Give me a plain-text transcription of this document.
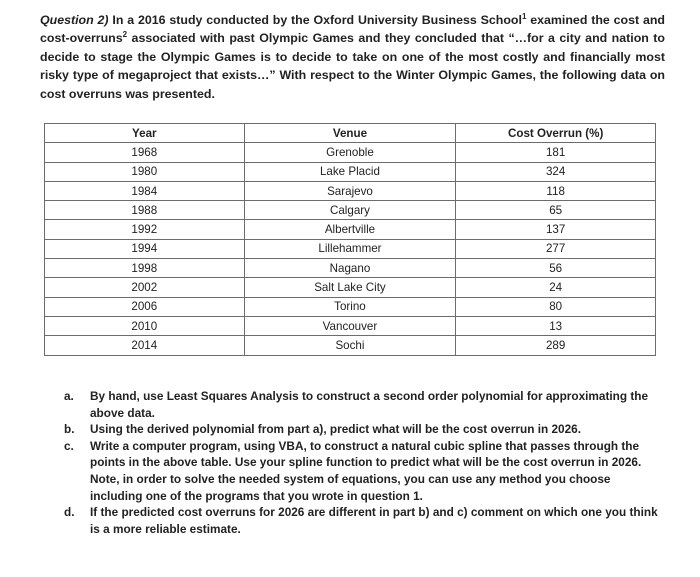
Question 2) In a 2016 study conducted by the Oxford University Business School$^1$ examined the cost and cost-overruns$^2$ associated with past Olympic Games and they concluded that “…for a city and nation to decide to stage the Olympic Games is to decide to take on one of the most costly and financially most risky type of megaproject that exists…” With respect to the Winter Olympic Games, the following data on cost overruns was presented.
Year	Venue	Cost Overrun (%)
1968	Grenoble	181
1980	Lake Placid	324
1984	Sarajevo	118
1988	Calgary	65
1992	Albertville	137
1994	Lillehammer	277
1998	Nagano	56
2002	Salt Lake City	24
2006	Torino	80
2010	Vancouver	13
2014	Sochi	289
a. By hand, use Least Squares Analysis to construct a second order polynomial for approximating the above data.
b. Using the derived polynomial from part a), predict what will be the cost overrun in 2026.
c. Write a computer program, using VBA, to construct a natural cubic spline that passes through the points in the above table. Use your spline function to predict what will be the cost overrun in 2026. Note, in order to solve the needed system of equations, you can use any method you choose including one of the programs that you wrote in question 1.
d. If the predicted cost overruns for 2026 are different in part b) and c) comment on which one you think is a more reliable estimate.
